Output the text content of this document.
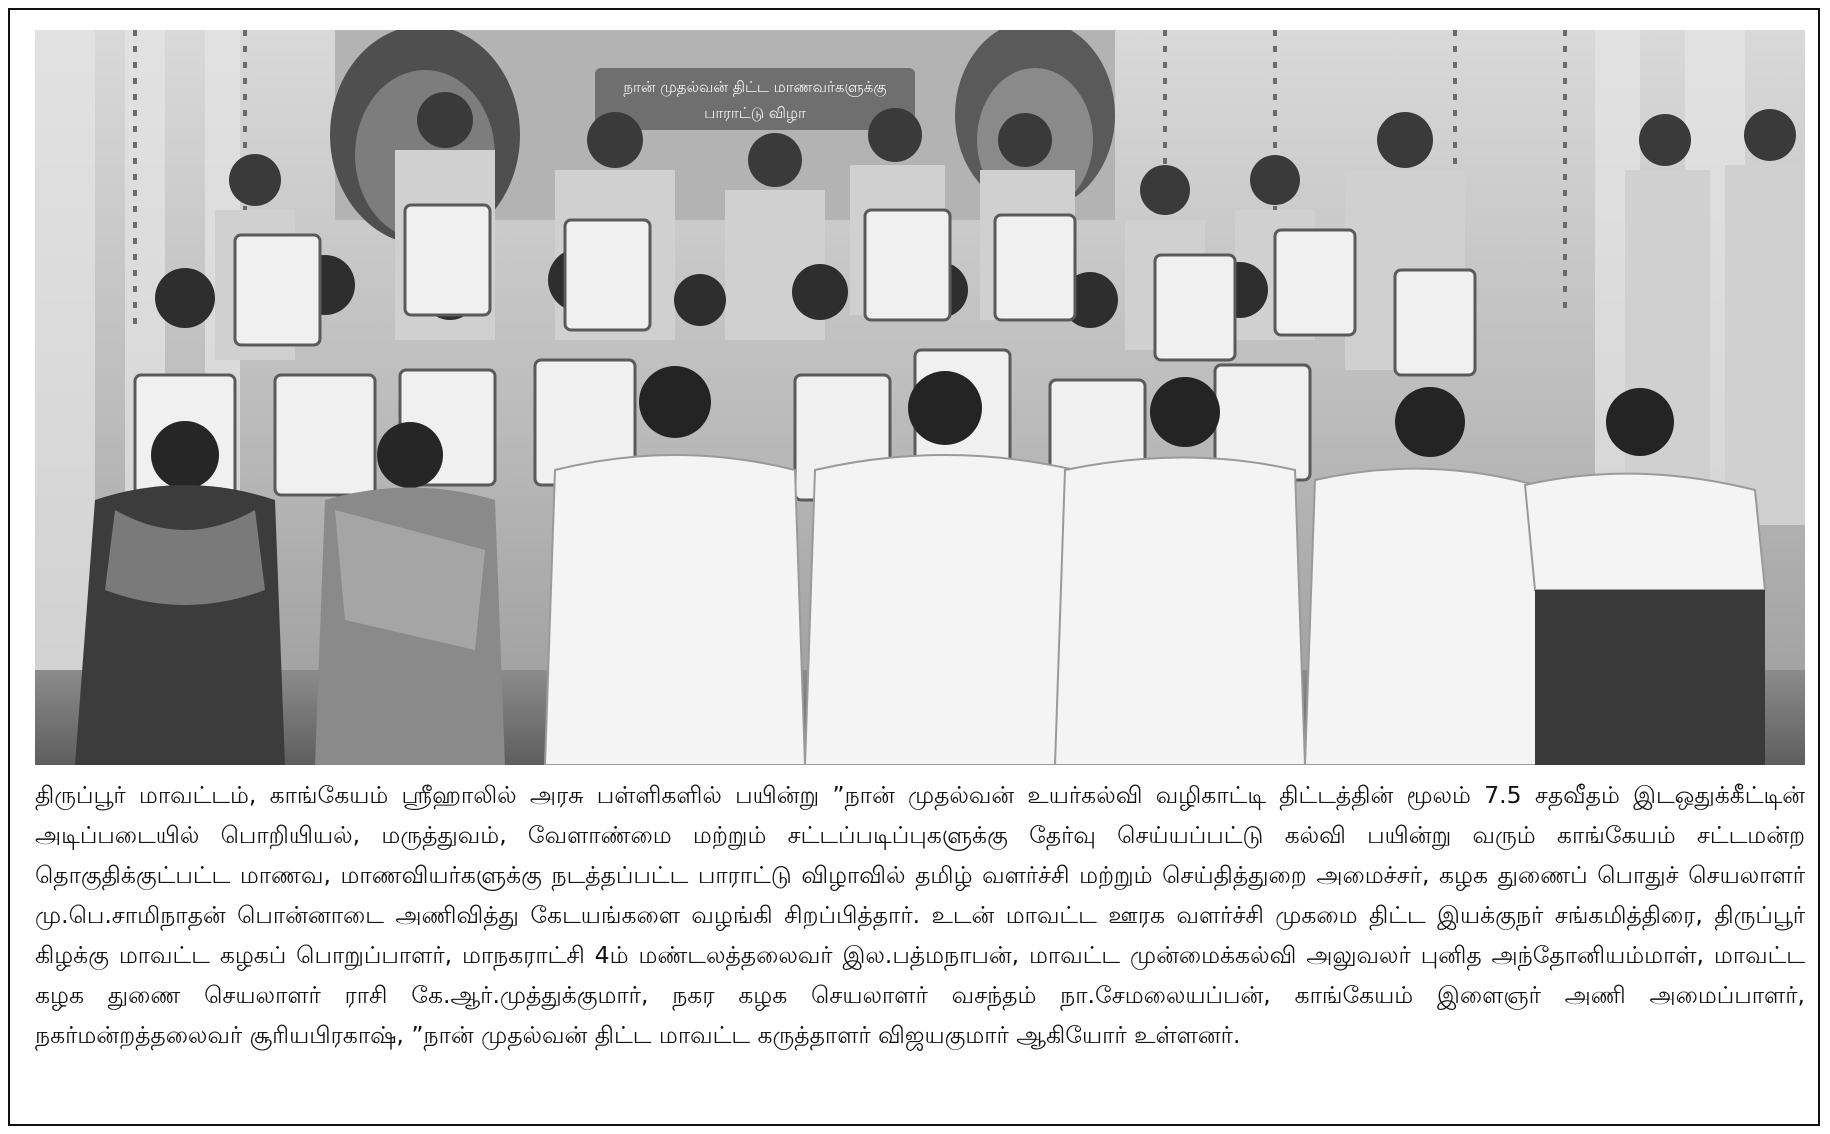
நான் முதல்வன் திட்ட மாணவர்களுக்கு
பாராட்டு விழா

திருப்பூர் மாவட்டம், காங்கேயம் ஸ்ரீஹாலில் அரசு பள்ளிகளில் பயின்று ”நான் முதல்வன் உயர்கல்வி வழிகாட்டி திட்டத்தின் மூலம் 7.5 சதவீதம் இடஒதுக்கீட்டின் அடிப்படையில் பொறியியல், மருத்துவம், வேளாண்மை மற்றும் சட்டப்படிப்புகளுக்கு தேர்வு செய்யப்பட்டு கல்வி பயின்று வரும் காங்கேயம் சட்டமன்ற தொகுதிக்குட்பட்ட மாணவ, மாணவியர்களுக்கு நடத்தப்பட்ட பாராட்டு விழாவில் தமிழ் வளர்ச்சி மற்றும் செய்தித்துறை அமைச்சர், கழக துணைப் பொதுச் செயலாளர் மு.பெ.சாமிநாதன் பொன்னாடை அணிவித்து கேடயங்களை வழங்கி சிறப்பித்தார். உடன் மாவட்ட ஊரக வளர்ச்சி முகமை திட்ட இயக்குநர் சங்கமித்திரை, திருப்பூர் கிழக்கு மாவட்ட கழகப் பொறுப்பாளர், மாநகராட்சி 4ம் மண்டலத்தலைவர் இல.பத்மநாபன், மாவட்ட முன்மைக்கல்வி அலுவலர் புனித அந்தோனியம்மாள், மாவட்ட கழக துணை செயலாளர் ராசி கே.ஆர்.முத்துக்குமார், நகர கழக செயலாளர் வசந்தம் நா.சேமலையப்பன், காங்கேயம் இளைஞர் அணி அமைப்பாளர், நகர்மன்றத்தலைவர் சூரியபிரகாஷ், ”நான் முதல்வன் திட்ட மாவட்ட கருத்தாளர் விஜயகுமார் ஆகியோர் உள்ளனர்.
